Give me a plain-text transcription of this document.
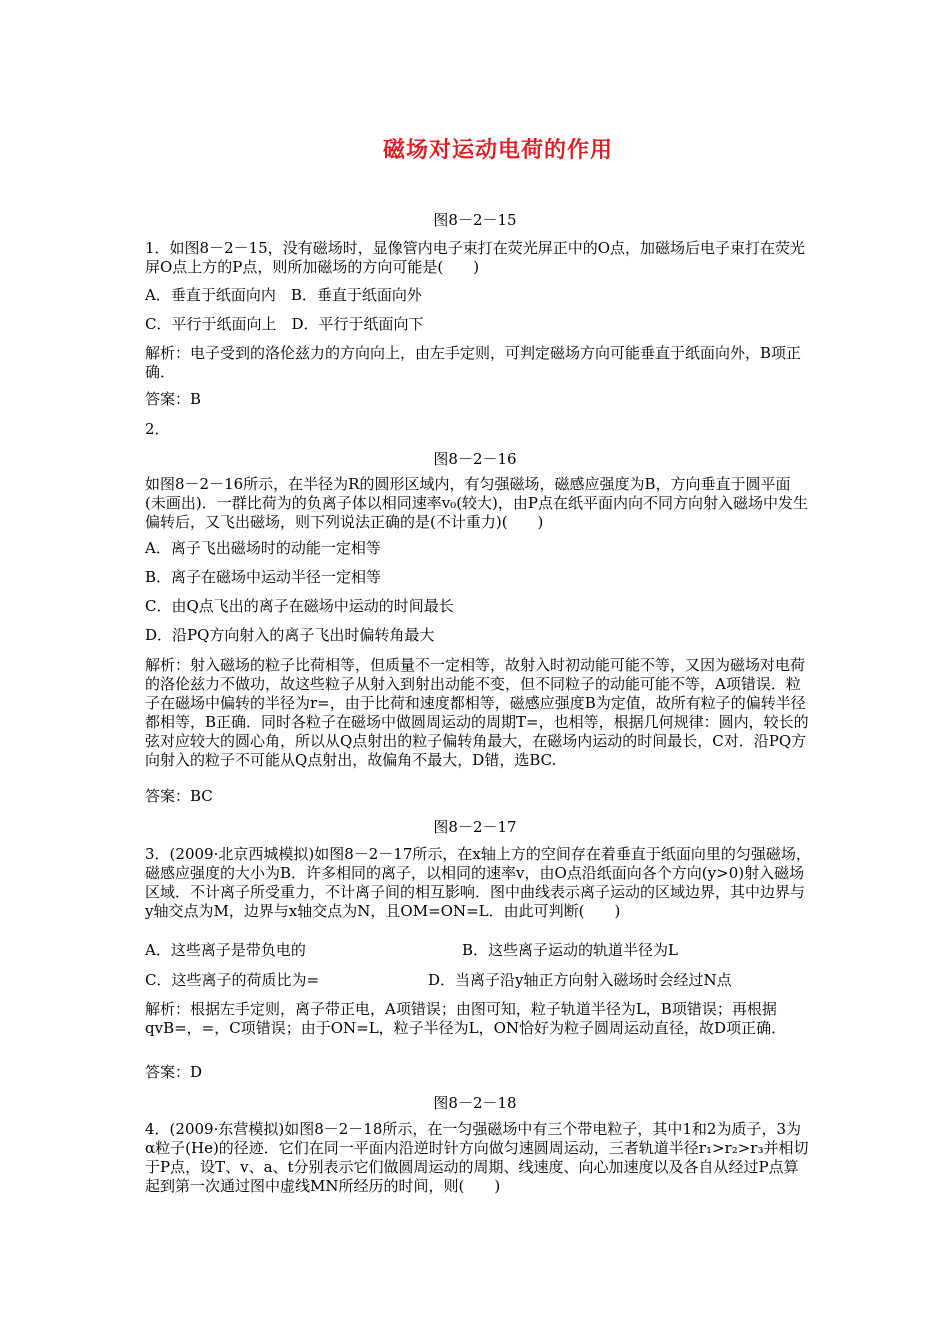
磁场对运动电荷的作用
图8－2－15
1．如图8－2－15，没有磁场时，显像管内电子束打在荧光屏正中的O点，加磁场后电子束打在荧光屏O点上方的P点，则所加磁场的方向可能是(　　)
A．垂直于纸面向内　B．垂直于纸面向外
C．平行于纸面向上　D．平行于纸面向下
解析：电子受到的洛伦兹力的方向向上，由左手定则，可判定磁场方向可能垂直于纸面向外，B项正确．
答案：B
2．
图8－2－16
如图8－2－16所示，在半径为R的圆形区域内，有匀强磁场，磁感应强度为B，方向垂直于圆平面(未画出)．一群比荷为的负离子体以相同速率v₀(较大)，由P点在纸平面内向不同方向射入磁场中发生偏转后，又飞出磁场，则下列说法正确的是(不计重力)(　　)
A．离子飞出磁场时的动能一定相等
B．离子在磁场中运动半径一定相等
C．由Q点飞出的离子在磁场中运动的时间最长
D．沿PQ方向射入的离子飞出时偏转角最大
解析：射入磁场的粒子比荷相等，但质量不一定相等，故射入时初动能可能不等，又因为磁场对电荷的洛伦兹力不做功，故这些粒子从射入到射出动能不变，但不同粒子的动能可能不等，A项错误．粒子在磁场中偏转的半径为r=，由于比荷和速度都相等，磁感应强度B为定值，故所有粒子的偏转半径都相等，B正确．同时各粒子在磁场中做圆周运动的周期T=，也相等，根据几何规律：圆内，较长的弦对应较大的圆心角，所以从Q点射出的粒子偏转角最大，在磁场内运动的时间最长，C对．沿PQ方向射入的粒子不可能从Q点射出，故偏角不最大，D错，选BC.
答案：BC
图8－2－17
3．(2009·北京西城模拟)如图8－2－17所示，在x轴上方的空间存在着垂直于纸面向里的匀强磁场，磁感应强度的大小为B．许多相同的离子，以相同的速率v，由O点沿纸面向各个方向(y>0)射入磁场区域．不计离子所受重力，不计离子间的相互影响．图中曲线表示离子运动的区域边界，其中边界与y轴交点为M，边界与x轴交点为N，且OM=ON=L．由此可判断(　　)
A．这些离子是带负电的	B．这些离子运动的轨道半径为L
C．这些离子的荷质比为=	D．当离子沿y轴正方向射入磁场时会经过N点
解析：根据左手定则，离子带正电，A项错误；由图可知，粒子轨道半径为L，B项错误；再根据qvB=，=，C项错误；由于ON=L，粒子半径为L，ON恰好为粒子圆周运动直径，故D项正确．
答案：D
图8－2－18
4．(2009·东营模拟)如图8－2－18所示，在一匀强磁场中有三个带电粒子，其中1和2为质子，3为α粒子(He)的径迹．它们在同一平面内沿逆时针方向做匀速圆周运动，三者轨道半径r₁>r₂>r₃并相切于P点，设T、v、a、t分别表示它们做圆周运动的周期、线速度、向心加速度以及各自从经过P点算起到第一次通过图中虚线MN所经历的时间，则(　　)
